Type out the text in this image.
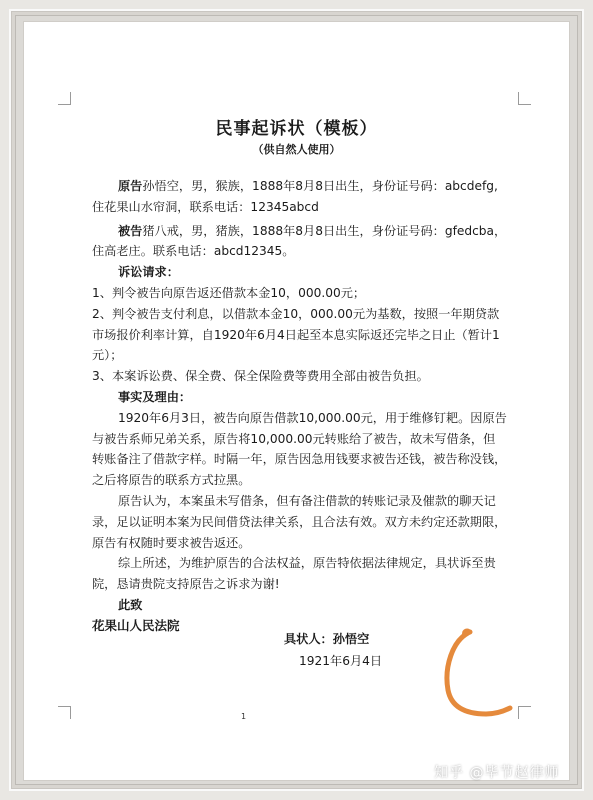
民事起诉状（模板）
（供自然人使用）

原告孙悟空，男，猴族，1888年8月8日出生，身份证号码：abcdefg,住花果山水帘洞，联系电话：12345abcd

被告猪八戒，男，猪族，1888年8月8日出生，身份证号码：gfedcba，住高老庄。联系电话：abcd12345。

诉讼请求：

1、判令被告向原告返还借款本金10，000.00元；

2、判令被告支付利息，以借款本金10，000.00元为基数，按照一年期贷款市场报价利率计算，自1920年6月4日起至本息实际返还完毕之日止（暂计1元）；

3、本案诉讼费、保全费、保全保险费等费用全部由被告负担。

事实及理由：

1920年6月3日，被告向原告借款10,000.00元，用于维修钉耙。因原告与被告系师兄弟关系，原告将10,000.00元转账给了被告，故未写借条，但转账备注了借款字样。时隔一年，原告因急用钱要求被告还钱，被告称没钱，之后将原告的联系方式拉黑。

原告认为，本案虽未写借条，但有备注借款的转账记录及催款的聊天记录，足以证明本案为民间借贷法律关系，且合法有效。双方未约定还款期限，原告有权随时要求被告返还。

综上所述，为维护原告的合法权益，原告特依据法律规定，具状诉至贵院，恳请贵院支持原告之诉求为谢!

此致

花果山人民法院

具状人：孙悟空
1921年6月4日
1
知乎 @毕节赵律师
